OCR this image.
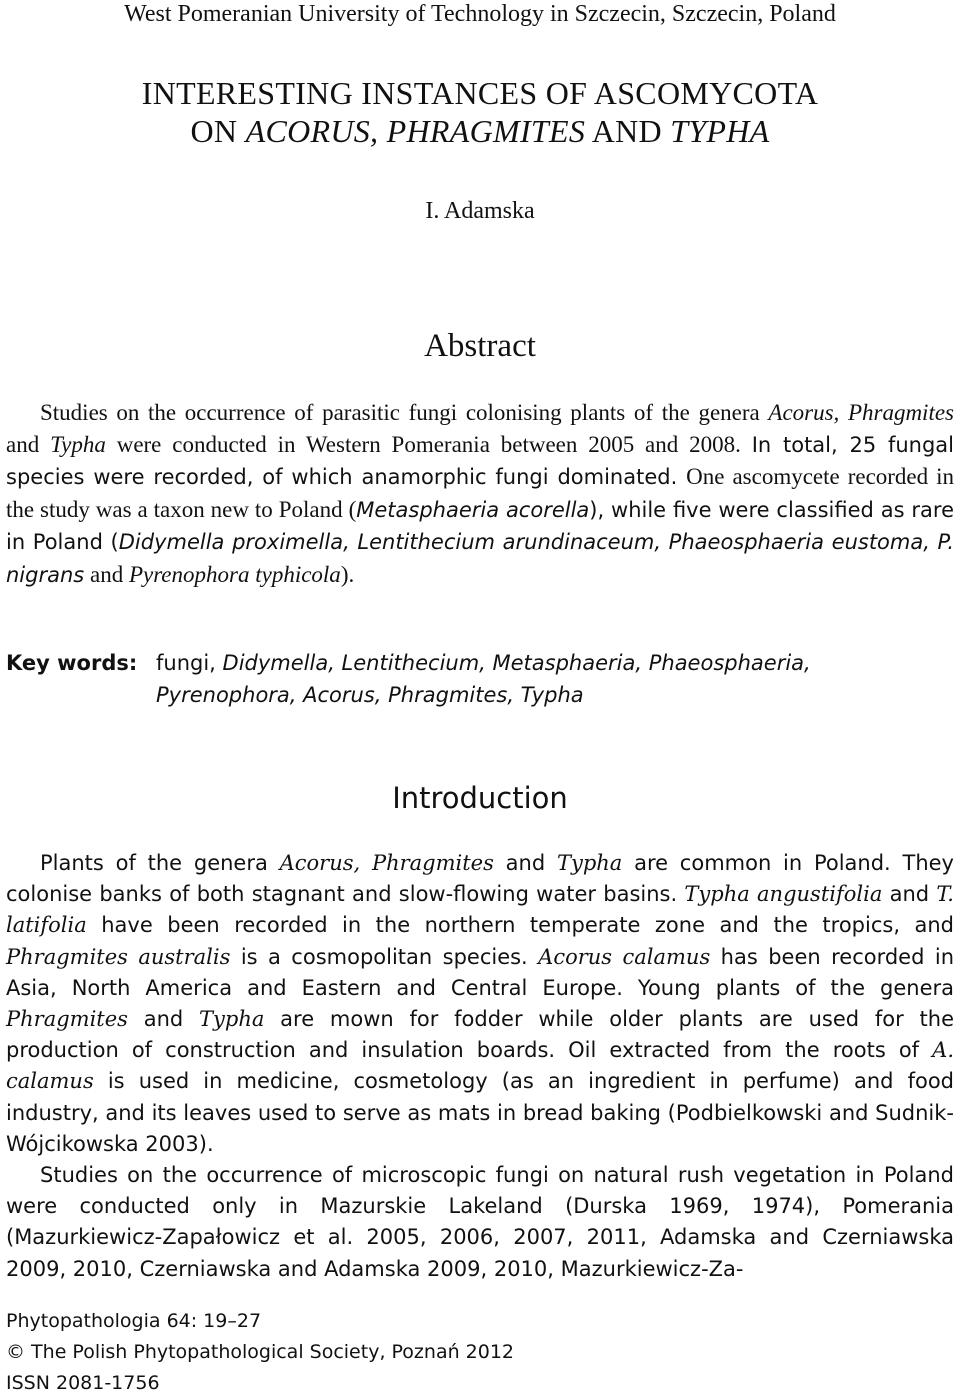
West Pomeranian University of Technology in Szczecin, Szczecin, Poland
INTERESTING INSTANCES OF ASCOMYCOTA
ON ACORUS, PHRAGMITES AND TYPHA
I. Adamska
Abstract
Studies on the occurrence of parasitic fungi colonising plants of the genera Acorus, Phragmites and Typha were conducted in Western Pomerania between 2005 and 2008. In total, 25 fungal species were recorded, of which anamorphic fungi dominated. One ascomycete recorded in the study was a taxon new to Poland (Metasphaeria acorella), while five were classified as rare in Poland (Didymella proximella, Lentithecium arundinaceum, Phaeosphaeria eustoma, P. nigrans and Pyrenophora typhicola).
Key words: fungi, Didymella, Lentithecium, Metasphaeria, Phaeosphaeria, Pyrenophora, Acorus, Phragmites, Typha
Introduction

Plants of the genera Acorus, Phragmites and Typha are common in Poland. They colonise banks of both stagnant and slow-flowing water basins. Typha angustifolia and T. latifolia have been recorded in the northern temperate zone and the tropics, and Phragmites australis is a cosmopolitan species. Acorus calamus has been recorded in Asia, North America and Eastern and Central Europe. Young plants of the genera Phragmites and Typha are mown for fodder while older plants are used for the production of construction and insulation boards. Oil extracted from the roots of A. calamus is used in medicine, cosmetology (as an ingredient in perfume) and food industry, and its leaves used to serve as mats in bread baking (Podbielkowski and Sudnik-Wójcikowska 2003).

Studies on the occurrence of microscopic fungi on natural rush vegetation in Poland were conducted only in Mazurskie Lakeland (Durska 1969, 1974), Pomerania (Mazurkiewicz-Zapałowicz et al. 2005, 2006, 2007, 2011, Adamska and Czerniawska 2009, 2010, Czerniawska and Adamska 2009, 2010, Mazurkiewicz-Za-

Phytopathologia 64: 19–27
© The Polish Phytopathological Society, Poznań 2012
ISSN 2081-1756
